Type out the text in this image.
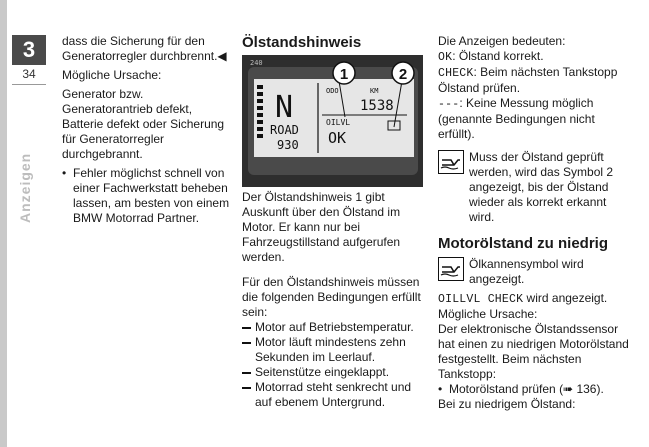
3
34
Anzeigen

dass die Sicherung für den Generatorregler durchbrennt.◀

Mögliche Ursache:

Generator bzw. Generatorantrieb defekt, Batterie defekt oder Sicherung für Generatorregler durchgebrannt.

• Fehler möglichst schnell von einer Fachwerkstatt beheben lassen, am besten von einem BMW Motorrad Partner.
Ölstandshinweis
240
N
ROAD
930
ODO	KM
1538
OILVL
OK
1	2

Der Ölstandshinweis 1 gibt Auskunft über den Ölstand im Motor. Er kann nur bei Fahrzeugstillstand aufgerufen werden.

Für den Ölstandshinweis müssen die folgenden Bedingungen erfüllt sein:

Motor auf Betriebstemperatur.
Motor läuft mindestens zehn Sekunden im Leerlauf.
Seitenstütze eingeklappt.
Motorrad steht senkrecht und auf ebenem Untergrund.

Die Anzeigen bedeuten:

OK: Ölstand korrekt.

CHECK: Beim nächsten Tankstopp Ölstand prüfen.

---: Keine Messung möglich (genannte Bedingungen nicht erfüllt).

Muss der Ölstand geprüft werden, wird das Symbol 2 angezeigt, bis der Ölstand wieder als korrekt erkannt wird.

Motorölstand zu niedrig

Ölkannensymbol wird angezeigt.

OILLVL CHECK wird angezeigt.

Mögliche Ursache:

Der elektronische Ölstandssensor hat einen zu niedrigen Motorölstand festgestellt. Beim nächsten Tankstopp:

• Motorölstand prüfen (➠ 136).

Bei zu niedrigem Ölstand:
